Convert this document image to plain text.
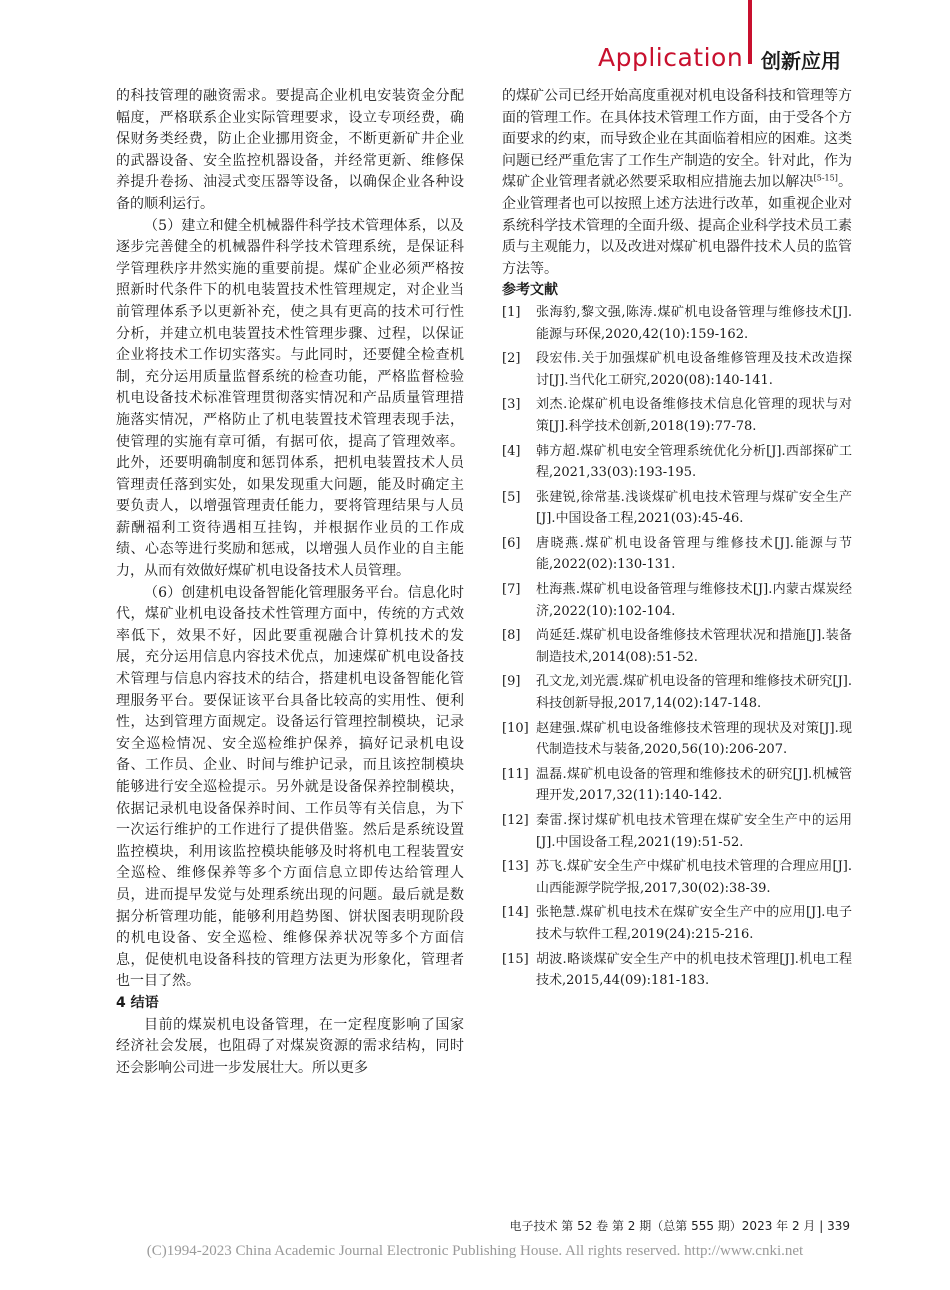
Application 创新应用

的科技管理的融资需求。要提高企业机电安装资金分配幅度，严格联系企业实际管理要求，设立专项经费，确保财务类经费，防止企业挪用资金，不断更新矿井企业的武器设备、安全监控机器设备，并经常更新、维修保养提升卷扬、油浸式变压器等设备，以确保企业各种设备的顺利运行。

（5）建立和健全机械器件科学技术管理体系，以及逐步完善健全的机械器件科学技术管理系统，是保证科学管理秩序井然实施的重要前提。煤矿企业必须严格按照新时代条件下的机电装置技术性管理规定，对企业当前管理体系予以更新补充，使之具有更高的技术可行性分析，并建立机电装置技术性管理步骤、过程，以保证企业将技术工作切实落实。与此同时，还要健全检查机制，充分运用质量监督系统的检查功能，严格监督检验机电设备技术标准管理贯彻落实情况和产品质量管理措施落实情况，严格防止了机电装置技术管理表现手法，使管理的实施有章可循，有据可依，提高了管理效率。此外，还要明确制度和惩罚体系，把机电装置技术人员管理责任落到实处，如果发现重大问题，能及时确定主要负责人，以增强管理责任能力，要将管理结果与人员薪酬福利工资待遇相互挂钩，并根据作业员的工作成绩、心态等进行奖励和惩戒，以增强人员作业的自主能力，从而有效做好煤矿机电设备技术人员管理。

（6）创建机电设备智能化管理服务平台。信息化时代，煤矿业机电设备技术性管理方面中，传统的方式效率低下，效果不好，因此要重视融合计算机技术的发展，充分运用信息内容技术优点，加速煤矿机电设备技术管理与信息内容技术的结合，搭建机电设备智能化管理服务平台。要保证该平台具备比较高的实用性、便利性，达到管理方面规定。设备运行管理控制模块，记录安全巡检情况、安全巡检维护保养，搞好记录机电设备、工作员、企业、时间与维护记录，而且该控制模块能够进行安全巡检提示。另外就是设备保养控制模块，依据记录机电设备保养时间、工作员等有关信息，为下一次运行维护的工作进行了提供借鉴。然后是系统设置监控模块，利用该监控模块能够及时将机电工程装置安全巡检、维修保养等多个方面信息立即传达给管理人员，进而提早发觉与处理系统出现的问题。最后就是数据分析管理功能，能够利用趋势图、饼状图表明现阶段的机电设备、安全巡检、维修保养状况等多个方面信息，促使机电设备科技的管理方法更为形象化，管理者也一目了然。

4 结语

目前的煤炭机电设备管理，在一定程度影响了国家经济社会发展，也阻碍了对煤炭资源的需求结构，同时还会影响公司进一步发展壮大。所以更多

的煤矿公司已经开始高度重视对机电设备科技和管理等方面的管理工作。在具体技术管理工作方面，由于受各个方面要求的约束，而导致企业在其面临着相应的困难。这类问题已经严重危害了工作生产制造的安全。针对此，作为煤矿企业管理者就必然要采取相应措施去加以解决[5-15]。企业管理者也可以按照上述方法进行改革，如重视企业对系统科学技术管理的全面升级、提高企业科学技术员工素质与主观能力，以及改进对煤矿机电器件技术人员的监管方法等。

参考文献

[1]	张海豹,黎文强,陈涛.煤矿机电设备管理与维修技术[J].能源与环保,2020,42(10):159-162.
[2]	段宏伟.关于加强煤矿机电设备维修管理及技术改造探讨[J].当代化工研究,2020(08):140-141.
[3]	刘杰.论煤矿机电设备维修技术信息化管理的现状与对策[J].科学技术创新,2018(19):77-78.
[4]	韩方超.煤矿机电安全管理系统优化分析[J].西部探矿工程,2021,33(03):193-195.
[5]	张建锐,徐常基.浅谈煤矿机电技术管理与煤矿安全生产[J].中国设备工程,2021(03):45-46.
[6]	唐晓燕.煤矿机电设备管理与维修技术[J].能源与节能,2022(02):130-131.
[7]	杜海燕.煤矿机电设备管理与维修技术[J].内蒙古煤炭经济,2022(10):102-104.
[8]	尚延廷.煤矿机电设备维修技术管理状况和措施[J].装备制造技术,2014(08):51-52.
[9]	孔文龙,刘光震.煤矿机电设备的管理和维修技术研究[J].科技创新导报,2017,14(02):147-148.
[10] 赵建强.煤矿机电设备维修技术管理的现状及对策[J].现代制造技术与装备,2020,56(10):206-207.
[11] 温磊.煤矿机电设备的管理和维修技术的研究[J].机械管理开发,2017,32(11):140-142.
[12] 秦雷.探讨煤矿机电技术管理在煤矿安全生产中的运用[J].中国设备工程,2021(19):51-52.
[13] 苏飞.煤矿安全生产中煤矿机电技术管理的合理应用[J].山西能源学院学报,2017,30(02):38-39.
[14] 张艳慧.煤矿机电技术在煤矿安全生产中的应用[J].电子技术与软件工程,2019(24):215-216.
[15] 胡波.略谈煤矿安全生产中的机电技术管理[J].机电工程技术,2015,44(09):181-183.
电子技术 第 52 卷 第 2 期（总第 555 期）2023 年 2 月 | 339
(C)1994-2023 China Academic Journal Electronic Publishing House. All rights reserved. http://www.cnki.net
